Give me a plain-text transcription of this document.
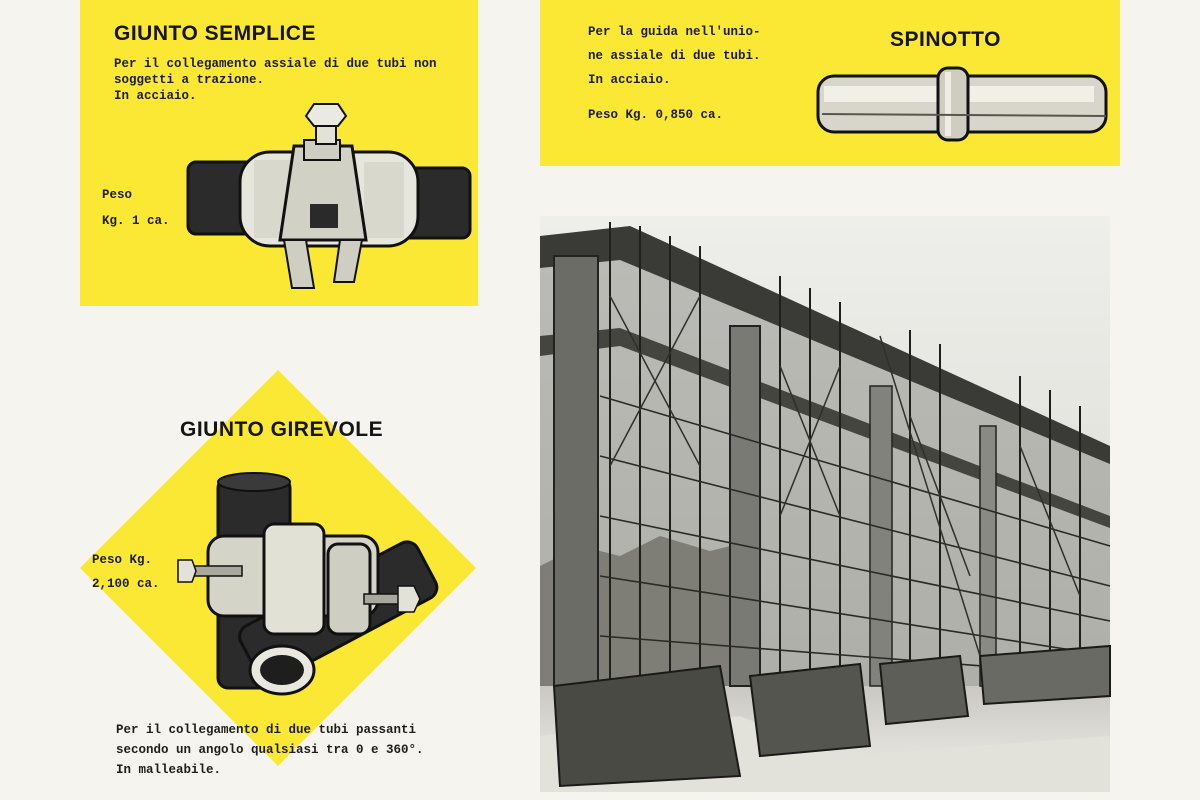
GIUNTO SEMPLICE
Per il collegamento assiale di due tubi non
soggetti a trazione.
In acciaio.
Peso
Kg. 1 ca.
Per la guida nell'unio-
ne assiale di due tubi.
In acciaio.
SPINOTTO
Peso Kg. 0,850 ca.
GIUNTO GIREVOLE
Peso Kg.
2,100 ca.
Per il collegamento di due tubi passanti
secondo un angolo qualsiasi tra 0 e 360°.
In malleabile.
